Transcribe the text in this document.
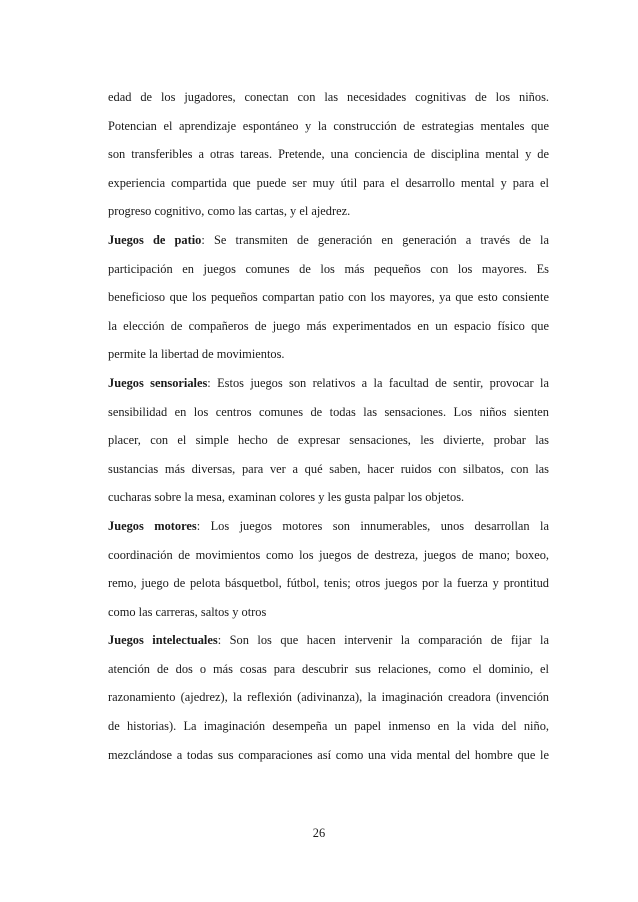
edad de los jugadores, conectan con las necesidades cognitivas de los niños.
Potencian el aprendizaje espontáneo y la construcción de estrategias mentales que
son transferibles a otras tareas. Pretende, una conciencia de disciplina mental y de
experiencia compartida que puede ser muy útil para el desarrollo mental y para el
progreso cognitivo, como las cartas, y el ajedrez.
Juegos de patio: Se transmiten de generación en generación a través de la
participación en juegos comunes de los más pequeños con los mayores. Es
beneficioso que los pequeños compartan patio con los mayores, ya que esto consiente
la elección de compañeros de juego más experimentados en un espacio físico que
permite la libertad de movimientos.
Juegos sensoriales: Estos juegos son relativos a la facultad de sentir, provocar la
sensibilidad en los centros comunes de todas las sensaciones. Los niños sienten
placer, con el simple hecho de expresar sensaciones, les divierte, probar las
sustancias más diversas, para ver a qué saben, hacer ruidos con silbatos, con las
cucharas sobre la mesa, examinan colores y les gusta palpar los objetos.
Juegos motores: Los juegos motores son innumerables, unos desarrollan la
coordinación de movimientos como los juegos de destreza, juegos de mano; boxeo,
remo, juego de pelota básquetbol, fútbol, tenis; otros juegos por la fuerza y prontitud
como las carreras, saltos y otros
Juegos intelectuales: Son los que hacen intervenir la comparación de fijar la
atención de dos o más cosas para descubrir sus relaciones, como el dominio, el
razonamiento (ajedrez), la reflexión (adivinanza), la imaginación creadora (invención
de historias). La imaginación desempeña un papel inmenso en la vida del niño,
mezclándose a todas sus comparaciones así como una vida mental del hombre que le
26
